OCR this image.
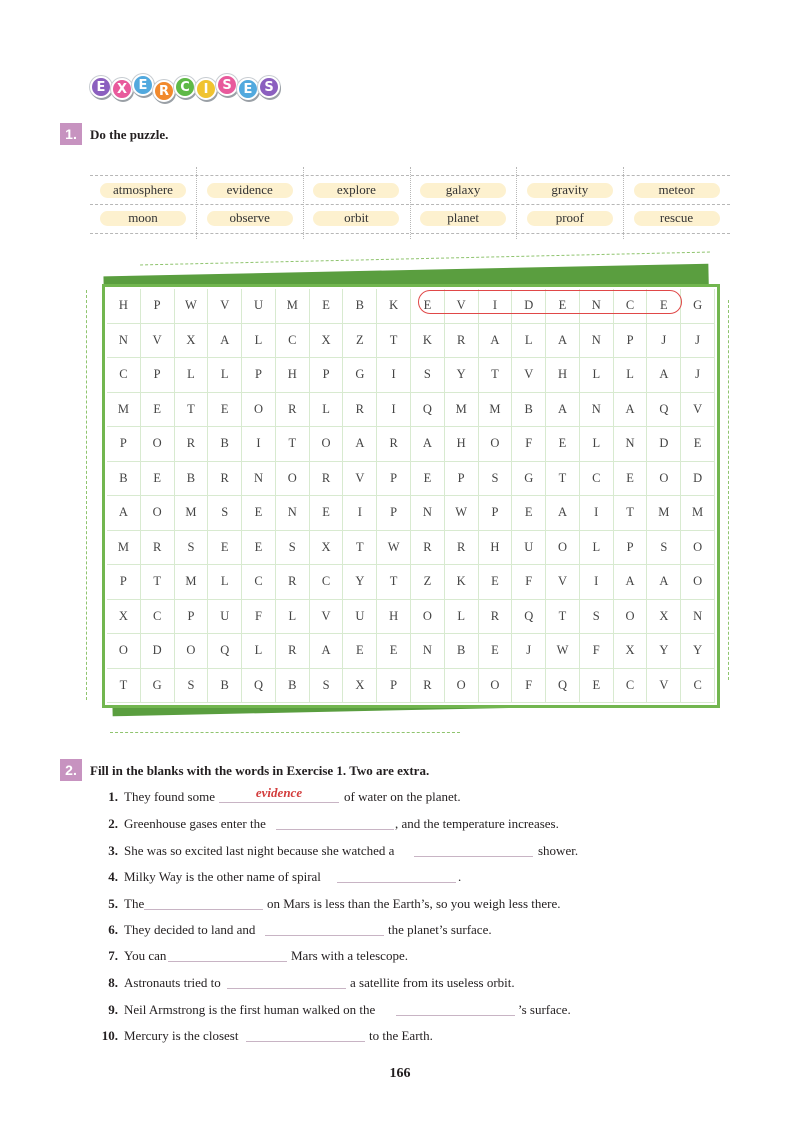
E X E R C	I	S E S
1.	Do the puzzle.
atmosphere	evidence	explore	galaxy	gravity	meteor
moon	observe	orbit	planet	proof	rescue
H	P	W	V	U	M	E	B	K	E	V	I	D	E	N	C	E	G
N	V	X	A	L	C	X	Z	T	K	R	A	L	A	N	P	J	J
C	P	L	L	P	H	P	G	I	S	Y	T	V	H	L	L	A	J
M	E	T	E	O	R	L	R	I	Q	M	M	B	A	N	A	Q	V
P	O	R	B	I	T	O	A	R	A	H	O	F	E	L	N	D	E
B	E	B	R	N	O	R	V	P	E	P	S	G	T	C	E	O	D
A	O	M	S	E	N	E	I	P	N	W	P	E	A	I	T	M	M
M	R	S	E	E	S	X	T	W	R	R	H	U	O	L	P	S	O
P	T	M	L	C	R	C	Y	T	Z	K	E	F	V	I	A	A	O
X	C	P	U	F	L	V	U	H	O	L	R	Q	T	S	O	X	N
O	D	O	Q	L	R	A	E	E	N	B	E	J	W	F	X	Y	Y
T	G	S	B	Q	B	S	X	P	R	O	O	F	Q	E	C	V	C
2.	Fill in the blanks with the words in Exercise 1. Two are extra.
1. They found some	evidence	of water on the planet.
2. Greenhouse gases enter the	, and the temperature increases.
3. She was so excited last night because she watched a	shower.
4. Milky Way is the other name of spiral	.
5. The	on Mars is less than the Earth’s, so you weigh less there.
6. They decided to land and	the planet’s surface.
7. You can	Mars with a telescope.
8. Astronauts tried to	a satellite from its useless orbit.
9. Neil Armstrong is the first human walked on the	’s surface.
10. Mercury is the closest	to the Earth.
166
